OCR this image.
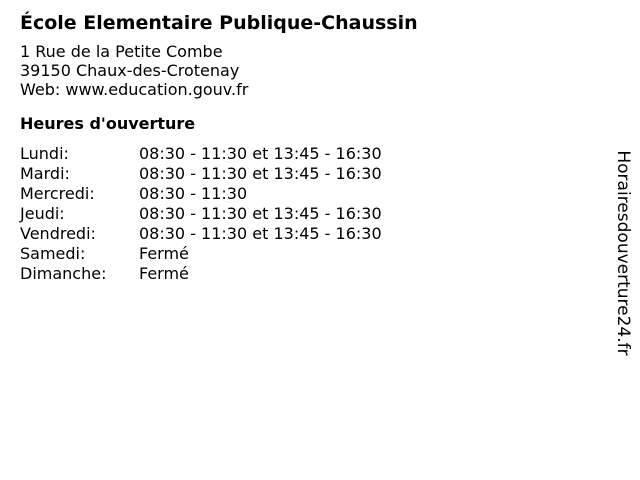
École Elementaire Publique-Chaussin
1 Rue de la Petite Combe
39150 Chaux-des-Crotenay
Web: www.education.gouv.fr
Heures d'ouverture
Lundi:	08:30 - 11:30 et 13:45 - 16:30
Mardi:	08:30 - 11:30 et 13:45 - 16:30
Mercredi:	08:30 - 11:30
Jeudi:	08:30 - 11:30 et 13:45 - 16:30
Vendredi:	08:30 - 11:30 et 13:45 - 16:30
Samedi:	Fermé
Dimanche:	Fermé	Horairesdouverture24.fr
